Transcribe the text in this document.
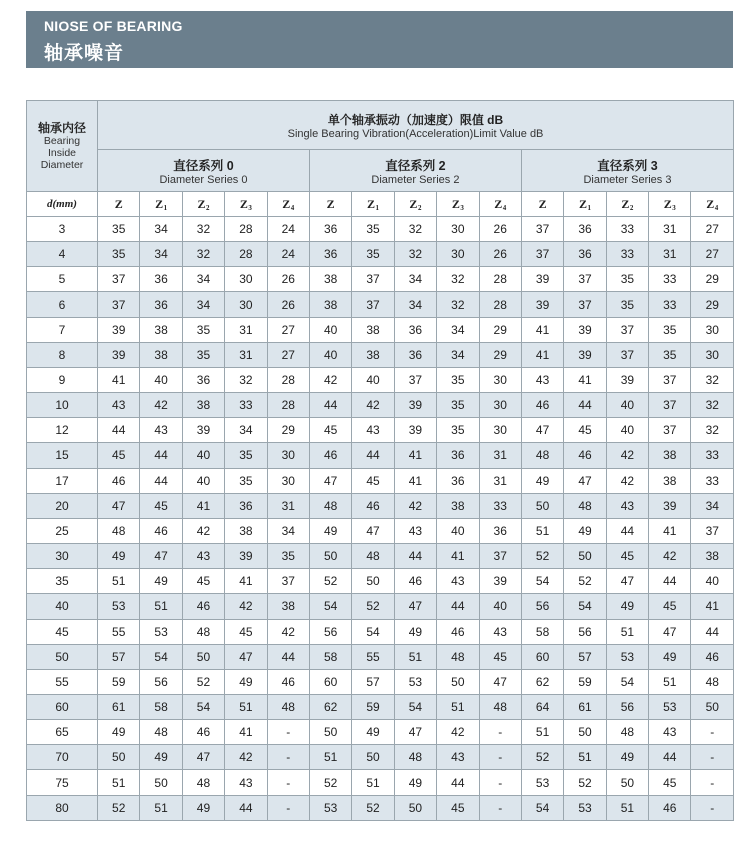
NIOSE OF BEARING
轴承噪音
轴承内径
Bearing
Inside
Diameter	单个轴承振动（加速度）限值 dB
Single Bearing Vibration(Acceleration)Limit Value dB														

	直径系列 0
Diameter Series 0					直径系列 2
Diameter Series 2					直径系列 3
Diameter Series 3				

d(mm)	Z	$Z_1$	$Z_2$	$Z_3$	$Z_4$	Z	$Z_1$	$Z_2$	$Z_3$	$Z_4$	Z	$Z_1$	$Z_2$	$Z_3$	$Z_4$
3	35	34	32	28	24	36	35	32	30	26	37	36	33	31	27
4	35	34	32	28	24	36	35	32	30	26	37	36	33	31	27
5	37	36	34	30	26	38	37	34	32	28	39	37	35	33	29
6	37	36	34	30	26	38	37	34	32	28	39	37	35	33	29
7	39	38	35	31	27	40	38	36	34	29	41	39	37	35	30
8	39	38	35	31	27	40	38	36	34	29	41	39	37	35	30
9	41	40	36	32	28	42	40	37	35	30	43	41	39	37	32
10	43	42	38	33	28	44	42	39	35	30	46	44	40	37	32
12	44	43	39	34	29	45	43	39	35	30	47	45	40	37	32
15	45	44	40	35	30	46	44	41	36	31	48	46	42	38	33
17	46	44	40	35	30	47	45	41	36	31	49	47	42	38	33
20	47	45	41	36	31	48	46	42	38	33	50	48	43	39	34
25	48	46	42	38	34	49	47	43	40	36	51	49	44	41	37
30	49	47	43	39	35	50	48	44	41	37	52	50	45	42	38
35	51	49	45	41	37	52	50	46	43	39	54	52	47	44	40
40	53	51	46	42	38	54	52	47	44	40	56	54	49	45	41
45	55	53	48	45	42	56	54	49	46	43	58	56	51	47	44
50	57	54	50	47	44	58	55	51	48	45	60	57	53	49	46
55	59	56	52	49	46	60	57	53	50	47	62	59	54	51	48
60	61	58	54	51	48	62	59	54	51	48	64	61	56	53	50
65	49	48	46	41	-	50	49	47	42	-	51	50	48	43	-
70	50	49	47	42	-	51	50	48	43	-	52	51	49	44	-
75	51	50	48	43	-	52	51	49	44	-	53	52	50	45	-
80	52	51	49	44	-	53	52	50	45	-	54	53	51	46	-
